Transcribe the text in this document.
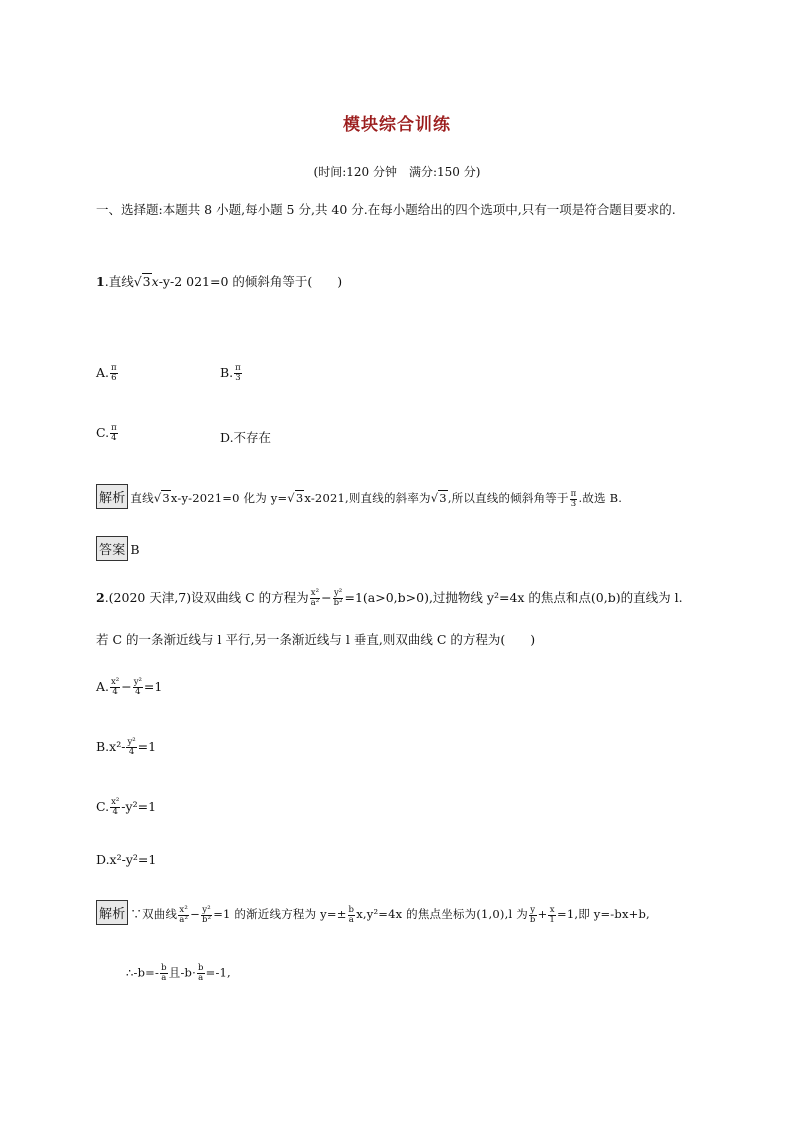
模块综合训练
(时间:120 分钟　满分:150 分)
一、选择题:本题共 8 小题,每小题 5 分,共 40 分.在每小题给出的四个选项中,只有一项是符合题目要求的.
1.直线√3x-y-2 021=0 的倾斜角等于(　　)
A. $\frac{\pi}{6}$	B. $\frac{\pi}{3}$
C. $\frac{\pi}{4}$	D.不存在
解析 直线√3x-y-2021=0 化为 y=√3x-2021,则直线的斜率为√3,所以直线的倾斜角等于 $\frac{\pi}{3}$ .故选 B.
答案 B
2.(2020 天津,7)设双曲线 C 的方程为 $\frac{\text{x²}}{\text{a²}} - \frac{\text{y²}}{\text{b²}} =1(a>0,b>0)$,过抛物线 y²=4x 的焦点和点(0,b)的直线为 l.
若 C 的一条渐近线与 l 平行,另一条渐近线与 l 垂直,则双曲线 C 的方程为(　　)
A. $\frac{\text{x²}}{4} - \frac{\text{y²}}{4} =1$
$B.x^2- \frac{\text{y²}}{4} =1$
C. $\frac{\text{x²}}{4} -y^2=1$
D.x²-y²=1
解析 ∵双曲线 $\frac{\text{x²}}{\text{a²}} - \frac{\text{y²}}{\text{b²}} =1$ 的渐近线方程为 $y=\pm \frac{b}{a} x,y^2=4x$ 的焦点坐标为(1,0),l 为 $\frac{y}{b} + \frac{x}{1} =1$,即 y=-bx+b,
∴-b=- $\frac{b}{a}$ 且$-b\cdot \frac{b}{a} =-1$,
